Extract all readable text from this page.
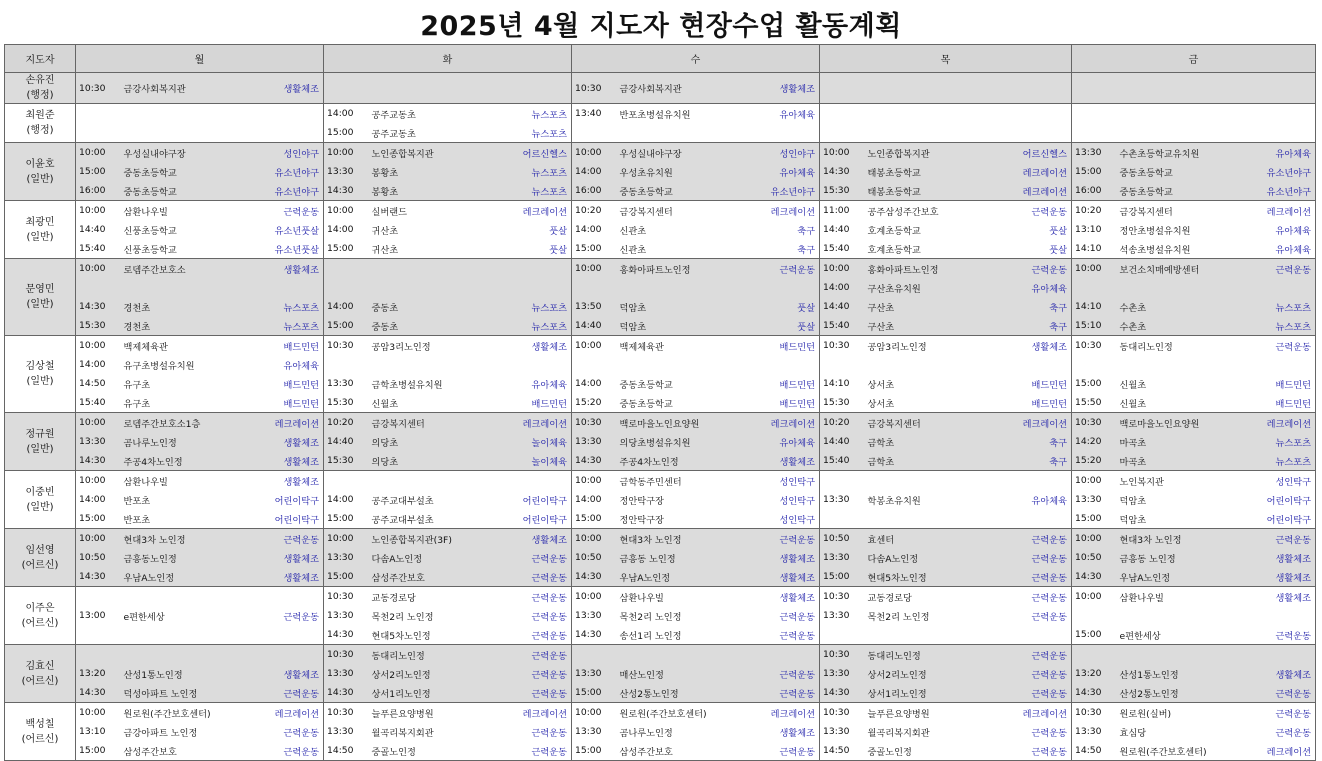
2025년 4월 지도자 현장수업 활동계획
지도자	월			화			수			목			금		

손유진
(행정)	10:30	금강사회복지관	생활체조				10:30	금강사회복지관	생활체조						

최원준
(행정)				14:00	공주교동초	뉴스포츠	13:40	반포초병설유치원	유아체육						
				15:00	공주교동초	뉴스포츠									

이윤호
(일반)	10:00	우성실내야구장	성인야구	10:00	노인종합복지관	어르신헬스	10:00	우성실내야구장	성인야구	10:00	노인종합복지관	어르신헬스	13:30	수촌초등학교유치원	유아체육
	15:00	중동초등학교	유소년야구	13:30	봉황초	뉴스포츠	14:00	우성초유치원	유아체육	14:30	태봉초등학교	레크레이션	15:00	중동초등학교	유소년야구
	16:00	중동초등학교	유소년야구	14:30	봉황초	뉴스포츠	16:00	중동초등학교	유소년야구	15:30	태봉초등학교	레크레이션	16:00	중동초등학교	유소년야구

최광민
(일반)	10:00	삼환나우빌	근력운동	10:00	실버랜드	레크레이션	10:20	금강복지센터	레크레이션	11:00	공주삼성주간보호	근력운동	10:20	금강복지센터	레크레이션
	14:40	신풍초등학교	유소년풋살	14:00	귀산초	풋살	14:00	신관초	축구	14:40	호계초등학교	풋살	13:10	정안초병설유치원	유아체육
	15:40	신풍초등학교	유소년풋살	15:00	귀산초	풋살	15:00	신관초	축구	15:40	호계초등학교	풋살	14:10	석송초병설유치원	유아체육

문영민
(일반)	10:00	로뎀주간보호소	생활체조				10:00	홍화아파트노인정	근력운동	10:00	홍화아파트노인정	근력운동	10:00	보건소치매예방센터	근력운동
										14:00	구산초유치원	유아체육			
	14:30	경천초	뉴스포츠	14:00	중동초	뉴스포츠	13:50	덕암초	풋살	14:40	구산초	축구	14:10	수촌초	뉴스포츠
	15:30	경천초	뉴스포츠	15:00	중동초	뉴스포츠	14:40	덕암초	풋살	15:40	구산초	축구	15:10	수촌초	뉴스포츠

김상철
(일반)	10:00	백제체육관	배드민턴	10:30	공암3리노인정	생활체조	10:00	백제체육관	배드민턴	10:30	공암3리노인정	생활체조	10:30	동대리노인정	근력운동
	14:00	유구초병설유치원	유아체육												
	14:50	유구초	배드민턴	13:30	금학초병설유치원	유아체육	14:00	중동초등학교	배드민턴	14:10	상서초	배드민턴	15:00	신월초	배드민턴
	15:40	유구초	배드민턴	15:30	신월초	배드민턴	15:20	중동초등학교	배드민턴	15:30	상서초	배드민턴	15:50	신월초	배드민턴

정규원
(일반)	10:00	로뎀주간보호소1층	레크레이션	10:20	금강복지센터	레크레이션	10:30	백로마을노인요양원	레크레이션	10:20	금강복지센터	레크레이션	10:30	백로마을노인요양원	레크레이션
	13:30	곰나루노인정	생활체조	14:40	의당초	놀이체육	13:30	의당초병설유치원	유아체육	14:40	금학초	축구	14:20	마곡초	뉴스포츠
	14:30	주공4차노인정	생활체조	15:30	의당초	놀이체육	14:30	주공4차노인정	생활체조	15:40	금학초	축구	15:20	마곡초	뉴스포츠

이중빈
(일반)	10:00	삼환나우빌	생활체조				10:00	금학동주민센터	성인탁구				10:00	노인복지관	성인탁구
	14:00	반포초	어린이탁구	14:00	공주교대부설초	어린이탁구	14:00	정안탁구장	성인탁구	13:30	학봉초유치원	유아체육	13:30	덕암초	어린이탁구
	15:00	반포초	어린이탁구	15:00	공주교대부설초	어린이탁구	15:00	정안탁구장	성인탁구				15:00	덕암초	어린이탁구

임선영
(어르신)	10:00	현대3차 노인정	근력운동	10:00	노인종합복지관(3F)	생활체조	10:00	현대3차 노인정	근력운동	10:50	효센터	근력운동	10:00	현대3차 노인정	근력운동
	10:50	금흥동노인정	생활체조	13:30	다솜A노인정	근력운동	10:50	금흥동 노인정	생활체조	13:30	다솜A노인정	근력운동	10:50	금흥동 노인정	생활체조
	14:30	우남A노인정	생활체조	15:00	삼성주간보호	근력운동	14:30	우남A노인정	생활체조	15:00	현대5차노인정	근력운동	14:30	우남A노인정	생활체조

이주은
(어르신)				10:30	교동경로당	근력운동	10:00	삼환나우빌	생활체조	10:30	교동경로당	근력운동	10:00	삼환나우빌	생활체조
	13:00	e편한세상	근력운동	13:30	목천2리 노인정	근력운동	13:30	목천2리 노인정	근력운동	13:30	목천2리 노인정	근력운동			
				14:30	현대5차노인정	근력운동	14:30	송선1리 노인정	근력운동				15:00	e편한세상	근력운동

김효신
(어르신)				10:30	동대리노인정	근력운동				10:30	동대리노인정	근력운동			
	13:20	산성1통노인정	생활체조	13:30	상서2리노인정	근력운동	13:30	매산노인정	근력운동	13:30	상서2리노인정	근력운동	13:20	산성1통노인정	생활체조
	14:30	덕성아파트 노인정	근력운동	14:30	상서1리노인정	근력운동	15:00	산성2통노인정	근력운동	14:30	상서1리노인정	근력운동	14:30	산성2통노인정	근력운동

백성칠
(어르신)	10:00	원로원(주간보호센터)	레크레이션	10:30	늘푸른요양병원	레크레이션	10:00	원로원(주간보호센터)	레크레이션	10:30	늘푸른요양병원	레크레이션	10:30	원로원(실버)	근력운동
	13:10	금강아파트 노인정	근력운동	13:30	월곡리복지회관	근력운동	13:30	곰나루노인정	생활체조	13:30	월곡리복지회관	근력운동	13:30	효심당	근력운동
	15:00	삼성주간보호	근력운동	14:50	중골노인정	근력운동	15:00	삼성주간보호	근력운동	14:50	중골노인정	근력운동	14:50	원로원(주간보호센터)	레크레이션
